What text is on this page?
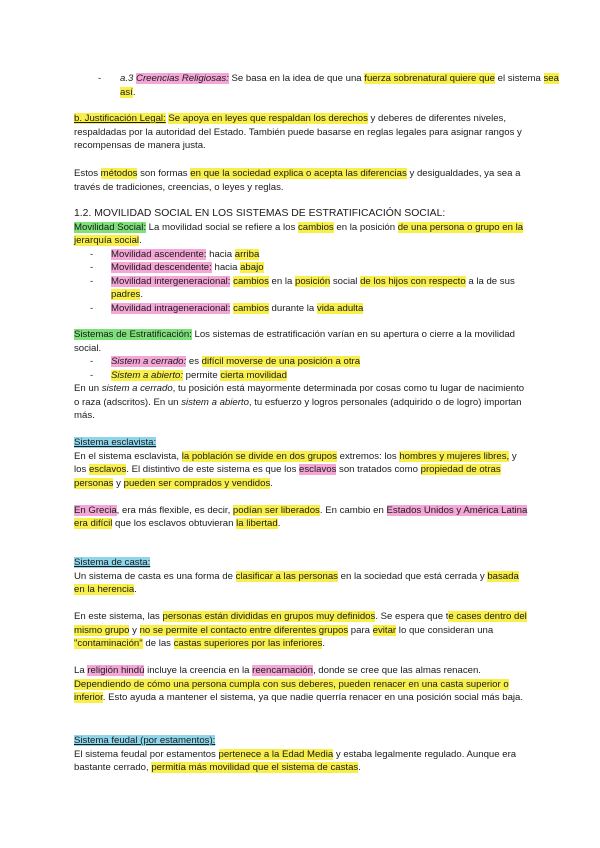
- a.3 Creencias Religiosas: Se basa en la idea de que una fuerza sobrenatural quiere que el sistema sea así.
b. Justificación Legal: Se apoya en leyes que respaldan los derechos y deberes de diferentes niveles, respaldadas por la autoridad del Estado. También puede basarse en reglas legales para asignar rangos y recompensas de manera justa.
Estos métodos son formas en que la sociedad explica o acepta las diferencias y desigualdades, ya sea a través de tradiciones, creencias, o leyes y reglas.
1.2. MOVILIDAD SOCIAL EN LOS SISTEMAS DE ESTRATIFICACIÓN SOCIAL:

Movilidad Social: La movilidad social se refiere a los cambios en la posición de una persona o grupo en la jerarquía social.

- Movilidad ascendente: hacia arriba

- Movilidad descendente: hacia abajo

- Movilidad intergeneracional: cambios en la posición social de los hijos con respecto a la de sus padres.

- Movilidad intrageneracional: cambios durante la vida adulta

Sistemas de Estratificación: Los sistemas de estratificación varían en su apertura o cierre a la movilidad social.

- Sistem a cerrado: es difícil moverse de una posición a otra

- Sistem a abierto: permite cierta movilidad

En un sistem a cerrado, tu posición está mayormente determinada por cosas como tu lugar de nacimiento o raza (adscritos). En un sistem a abierto, tu esfuerzo y logros personales (adquirido o de logro) importan más.

Sistema esclavista:

En el sistema esclavista, la población se divide en dos grupos extremos: los hombres y mujeres libres, y los esclavos. El distintivo de este sistema es que los esclavos son tratados como propiedad de otras personas y pueden ser comprados y vendidos.

En Grecia, era más flexible, es decir, podían ser liberados. En cambio en Estados Unidos y América Latina era difícil que los esclavos obtuvieran la libertad.

Sistema de casta:

Un sistema de casta es una forma de clasificar a las personas en la sociedad que está cerrada y basada en la herencia.

En este sistema, las personas están divididas en grupos muy definidos. Se espera que te cases dentro del mismo grupo y no se permite el contacto entre diferentes grupos para evitar lo que consideran una "contaminación" de las castas superiores por las inferiores.

La religión hindú incluye la creencia en la reencarnación, donde se cree que las almas renacen. Dependiendo de cómo una persona cumpla con sus deberes, pueden renacer en una casta superior o inferior. Esto ayuda a mantener el sistema, ya que nadie querría renacer en una posición social más baja.

Sistema feudal (por estamentos):

El sistema feudal por estamentos pertenece a la Edad Media y estaba legalmente regulado. Aunque era bastante cerrado, permitía más movilidad que el sistema de castas.
